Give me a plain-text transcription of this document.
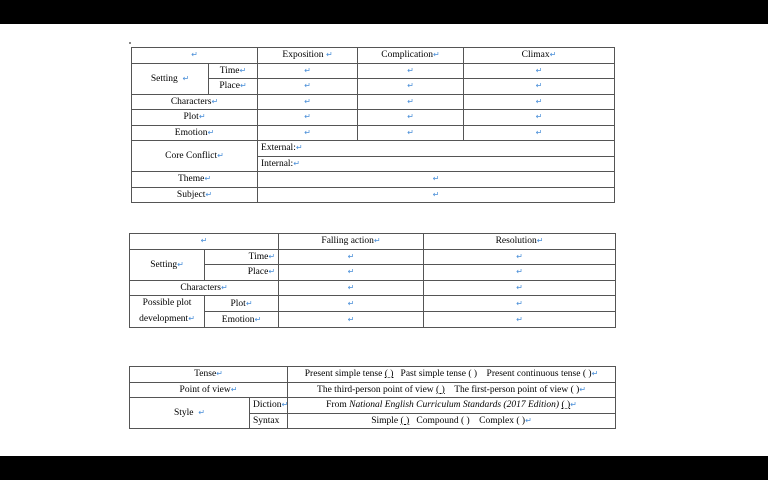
↵		Exposition ↵	Complication↵	Climax↵
Setting ↵	Time↵	↵	↵	↵
	Place↵	↵	↵	↵
Characters↵		↵	↵	↵
Plot↵		↵	↵	↵
Emotion↵		↵	↵	↵
Core Conflict↵		External:↵		
		Internal:↵		
Theme↵		↵		
Subject↵		↵		
↵		Falling action↵	Resolution↵
Setting↵	Time↵	↵	↵
	Place↵	↵	↵
Characters↵		↵	↵
Possible plot
development↵	Plot↵	↵	↵
	Emotion↵	↵	↵
Tense↵		Present simple tense ( ) Past simple tense ( ) Present continuous tense ( )↵
Point of view↵		The third-person point of view ( ) The first-person point of view ( )↵
Style ↵	Diction↵	From National English Curriculum Standards (2017 Edition) ( )↵
	Syntax	Simple ( ) Compound ( ) Complex ( )↵
